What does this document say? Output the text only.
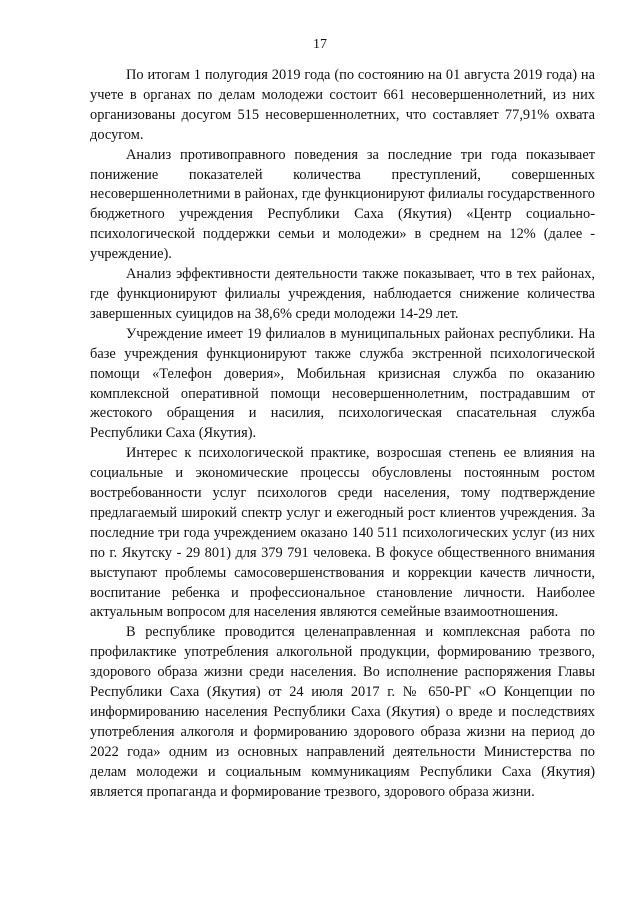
17

По итогам 1 полугодия 2019 года (по состоянию на 01 августа 2019 года) на учете в органах по делам молодежи состоит 661 несовершеннолетний, из них организованы досугом 515 несовершеннолетних, что составляет 77,91% охвата досугом.

Анализ противоправного поведения за последние три года показывает понижение показателей количества преступлений, совершенных несовершеннолетними в районах, где функционируют филиалы государственного бюджетного учреждения Республики Саха (Якутия) «Центр социально-психологической поддержки семьи и молодежи» в среднем на 12% (далее - учреждение).

Анализ эффективности деятельности также показывает, что в тех районах, где функционируют филиалы учреждения, наблюдается снижение количества завершенных суицидов на 38,6% среди молодежи 14-29 лет.

Учреждение имеет 19 филиалов в муниципальных районах республики. На базе учреждения функционируют также служба экстренной психологической помощи «Телефон доверия», Мобильная кризисная служба по оказанию комплексной оперативной помощи несовершеннолетним, пострадавшим от жестокого обращения и насилия, психологическая спасательная служба Республики Саха (Якутия).

Интерес к психологической практике, возросшая степень ее влияния на социальные и экономические процессы обусловлены постоянным ростом востребованности услуг психологов среди населения, тому подтверждение предлагаемый широкий спектр услуг и ежегодный рост клиентов учреждения. За последние три года учреждением оказано 140 511 психологических услуг (из них по г. Якутску - 29 801) для 379 791 человека. В фокусе общественного внимания выступают проблемы самосовершенствования и коррекции качеств личности, воспитание ребенка и профессиональное становление личности. Наиболее актуальным вопросом для населения являются семейные взаимоотношения.

В республике проводится целенаправленная и комплексная работа по профилактике употребления алкогольной продукции, формированию трезвого, здорового образа жизни среди населения. Во исполнение распоряжения Главы Республики Саха (Якутия) от 24 июля 2017 г. № 650-РГ «О Концепции по информированию населения Республики Саха (Якутия) о вреде и последствиях употребления алкоголя и формированию здорового образа жизни на период до 2022 года» одним из основных направлений деятельности Министерства по делам молодежи и социальным коммуникациям Республики Саха (Якутия) является пропаганда и формирование трезвого, здорового образа жизни.
